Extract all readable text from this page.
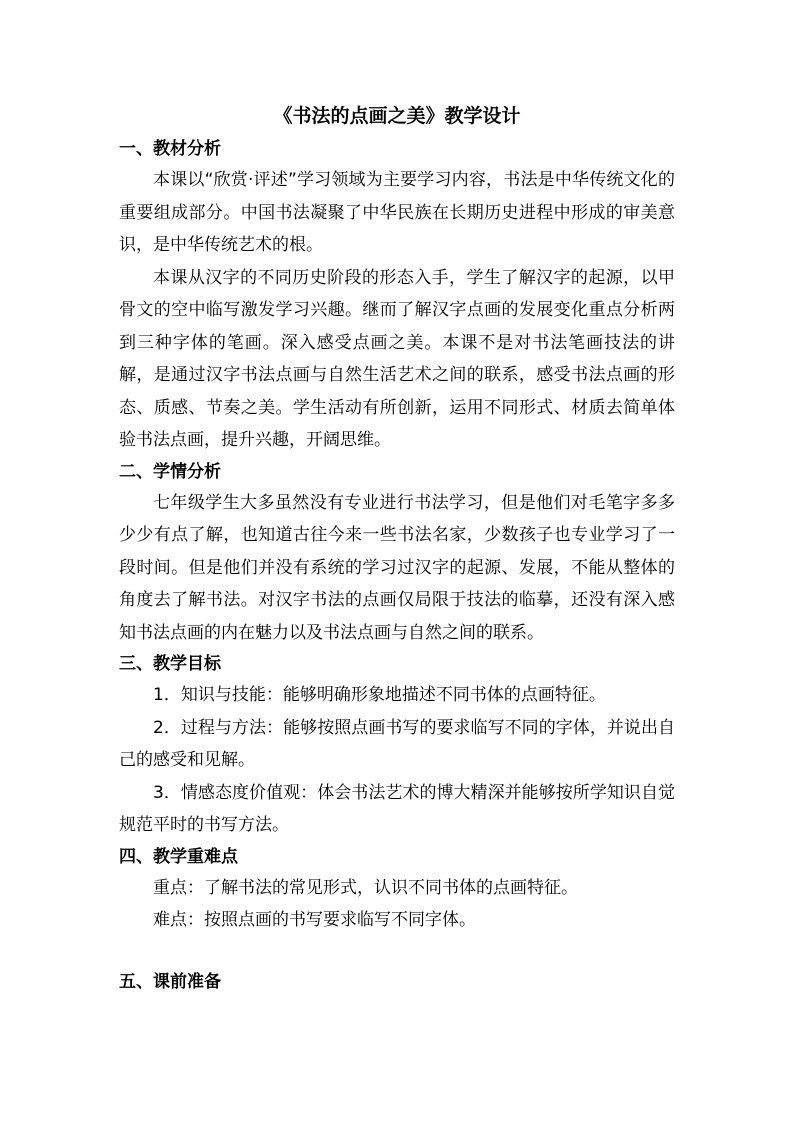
《书法的点画之美》教学设计
一、教材分析

本课以“欣赏·评述”学习领域为主要学习内容，书法是中华传统文化的重要组成部分。中国书法凝聚了中华民族在长期历史进程中形成的审美意识，是中华传统艺术的根。

本课从汉字的不同历史阶段的形态入手，学生了解汉字的起源，以甲骨文的空中临写激发学习兴趣。继而了解汉字点画的发展变化重点分析两到三种字体的笔画。深入感受点画之美。本课不是对书法笔画技法的讲解，是通过汉字书法点画与自然生活艺术之间的联系，感受书法点画的形态、质感、节奏之美。学生活动有所创新，运用不同形式、材质去简单体验书法点画，提升兴趣，开阔思维。

二、学情分析

七年级学生大多虽然没有专业进行书法学习，但是他们对毛笔字多多少少有点了解，也知道古往今来一些书法名家，少数孩子也专业学习了一段时间。但是他们并没有系统的学习过汉字的起源、发展，不能从整体的角度去了解书法。对汉字书法的点画仅局限于技法的临摹，还没有深入感知书法点画的内在魅力以及书法点画与自然之间的联系。

三、教学目标

1．知识与技能：能够明确形象地描述不同书体的点画特征。

2．过程与方法：能够按照点画书写的要求临写不同的字体，并说出自己的感受和见解。

3．情感态度价值观：体会书法艺术的博大精深并能够按所学知识自觉规范平时的书写方法。

四、教学重难点

重点：了解书法的常见形式，认识不同书体的点画特征。

难点：按照点画的书写要求临写不同字体。

五、课前准备
